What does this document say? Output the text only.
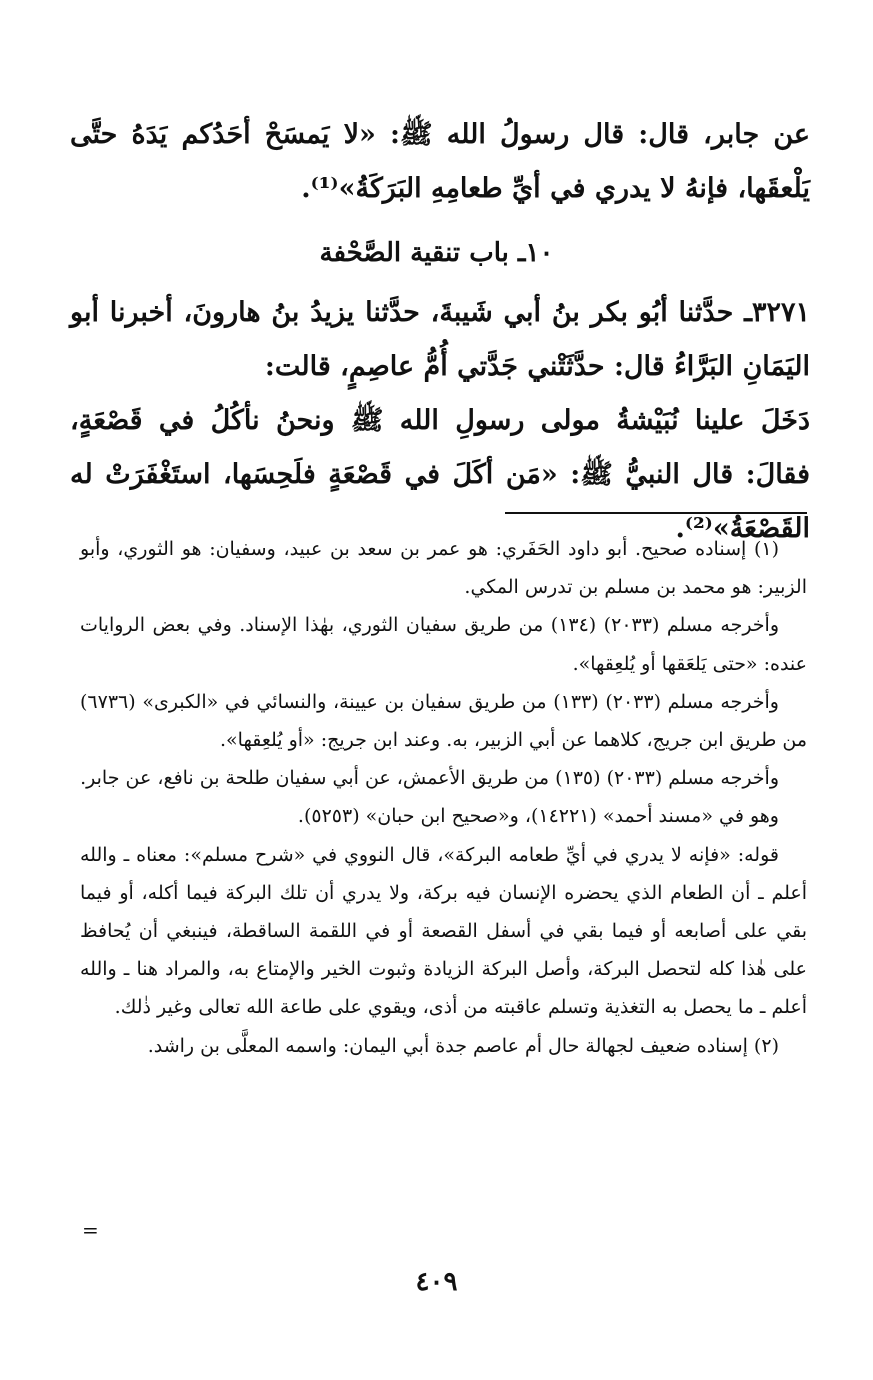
عن جابر، قال: قال رسولُ الله ﷺ: «لا يَمسَحْ أحَدُكم يَدَهُ حتَّى يَلْعقَها، فإنهُ لا يدري في أيِّ طعامِهِ البَرَكَةُ»⁽¹⁾.
١٠ـ باب تنقية الصَّحْفة
٣٢٧١ـ حدَّثنا أبُو بكر بنُ أبي شَيبةَ، حدَّثنا يزيدُ بنُ هارونَ، أخبرنا أبو اليَمَانِ البَرَّاءُ قال: حدَّثَتْني جَدَّتي أُمُّ عاصِمٍ، قالت:
دَخَلَ علينا نُبَيْشةُ مولى رسولِ الله ﷺ ونحنُ نأكُلُ في قَصْعَةٍ، فقالَ: قال النبيُّ ﷺ: «مَن أكَلَ في قَصْعَةٍ فلَحِسَها، استَغْفَرَتْ له القَصْعَةُ»⁽²⁾.

(١) إسناده صحيح. أبو داود الحَفَري: هو عمر بن سعد بن عبيد، وسفيان: هو الثوري، وأبو الزبير: هو محمد بن مسلم بن تدرس المكي.

وأخرجه مسلم (٢٠٣٣) (١٣٤) من طريق سفيان الثوري، بهٰذا الإسناد. وفي بعض الروايات عنده: «حتى يَلعَقها أو يُلعِقها».

وأخرجه مسلم (٢٠٣٣) (١٣٣) من طريق سفيان بن عيينة، والنسائي في «الكبرى» (٦٧٣٦) من طريق ابن جريج، كلاهما عن أبي الزبير، به. وعند ابن جريج: «أو يُلعِقها».

وأخرجه مسلم (٢٠٣٣) (١٣٥) من طريق الأعمش، عن أبي سفيان طلحة بن نافع، عن جابر.

وهو في «مسند أحمد» (١٤٢٢١)، و«صحيح ابن حبان» (٥٢٥٣).

قوله: «فإنه لا يدري في أيِّ طعامه البركة»، قال النووي في «شرح مسلم»: معناه ـ والله أعلم ـ أن الطعام الذي يحضره الإنسان فيه بركة، ولا يدري أن تلك البركة فيما أكله، أو فيما بقي على أصابعه أو فيما بقي في أسفل القصعة أو في اللقمة الساقطة، فينبغي أن يُحافظ على هٰذا كله لتحصل البركة، وأصل البركة الزيادة وثبوت الخير والإمتاع به، والمراد هنا ـ والله أعلم ـ ما يحصل به التغذية وتسلم عاقبته من أذى، ويقوي على طاعة الله تعالى وغير ذٰلك.

(٢) إسناده ضعيف لجهالة حال أم عاصم جدة أبي اليمان: واسمه المعلَّى بن راشد.

=
٤٠٩
